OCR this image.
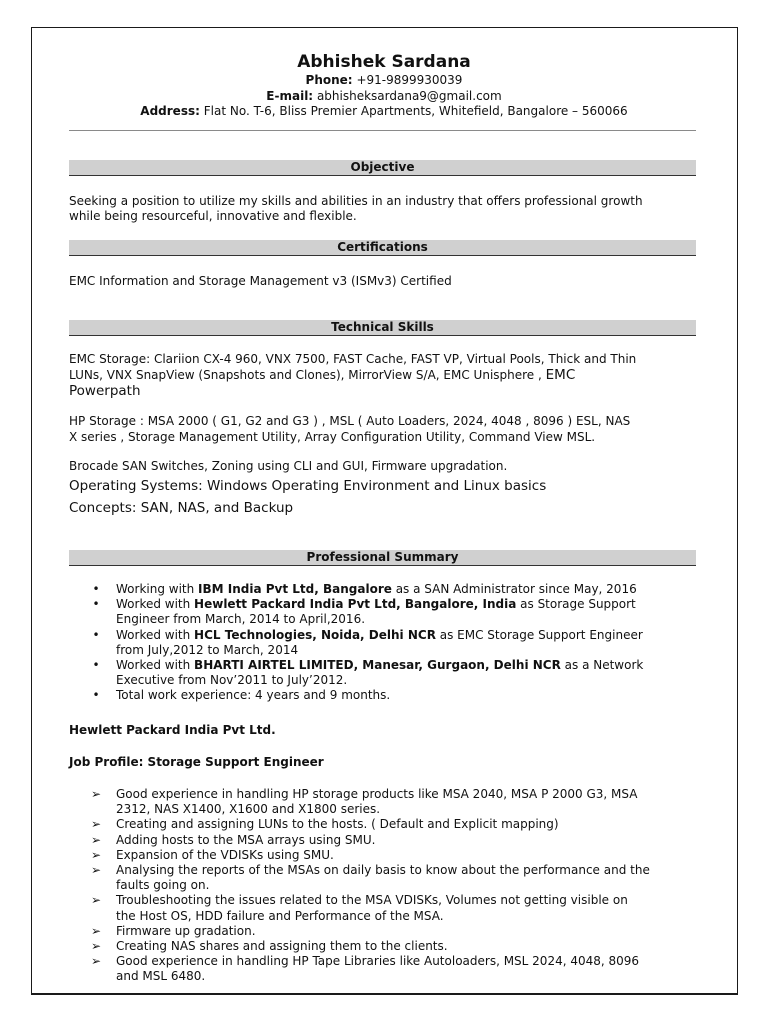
Abhishek Sardana
Phone: +91-9899930039
E-mail: abhisheksardana9@gmail.com
Address: Flat No. T-6, Bliss Premier Apartments, Whitefield, Bangalore – 560066
Objective
Seeking a position to utilize my skills and abilities in an industry that offers professional growth
while being resourceful, innovative and flexible.
Certifications
EMC Information and Storage Management v3 (ISMv3) Certified
Technical Skills
EMC Storage: Clariion CX-4 960, VNX 7500, FAST Cache, FAST VP, Virtual Pools, Thick and Thin
LUNs, VNX SnapView (Snapshots and Clones), MirrorView S/A, EMC Unisphere , EMC
Powerpath
HP Storage : MSA 2000 ( G1, G2 and G3 ) , MSL ( Auto Loaders, 2024, 4048 , 8096 ) ESL, NAS
X series , Storage Management Utility, Array Configuration Utility, Command View MSL.
Brocade SAN Switches, Zoning using CLI and GUI, Firmware upgradation.
Operating Systems: Windows Operating Environment and Linux basics
Concepts: SAN, NAS, and Backup
Professional Summary
• Working with IBM India Pvt Ltd, Bangalore as a SAN Administrator since May, 2016
• Worked with Hewlett Packard India Pvt Ltd, Bangalore, India as Storage Support
Engineer from March, 2014 to April,2016.
• Worked with HCL Technologies, Noida, Delhi NCR as EMC Storage Support Engineer
from July,2012 to March, 2014
• Worked with BHARTI AIRTEL LIMITED, Manesar, Gurgaon, Delhi NCR as a Network
Executive from Nov’2011 to July’2012.
• Total work experience: 4 years and 9 months.
Hewlett Packard India Pvt Ltd.
Job Profile: Storage Support Engineer
➢ Good experience in handling HP storage products like MSA 2040, MSA P 2000 G3, MSA
2312, NAS X1400, X1600 and X1800 series.
➢ Creating and assigning LUNs to the hosts. ( Default and Explicit mapping)
➢ Adding hosts to the MSA arrays using SMU.
➢ Expansion of the VDISKs using SMU.
➢ Analysing the reports of the MSAs on daily basis to know about the performance and the
faults going on.
➢ Troubleshooting the issues related to the MSA VDISKs, Volumes not getting visible on
the Host OS, HDD failure and Performance of the MSA.
➢ Firmware up gradation.
➢ Creating NAS shares and assigning them to the clients.
➢ Good experience in handling HP Tape Libraries like Autoloaders, MSL 2024, 4048, 8096
and MSL 6480.
